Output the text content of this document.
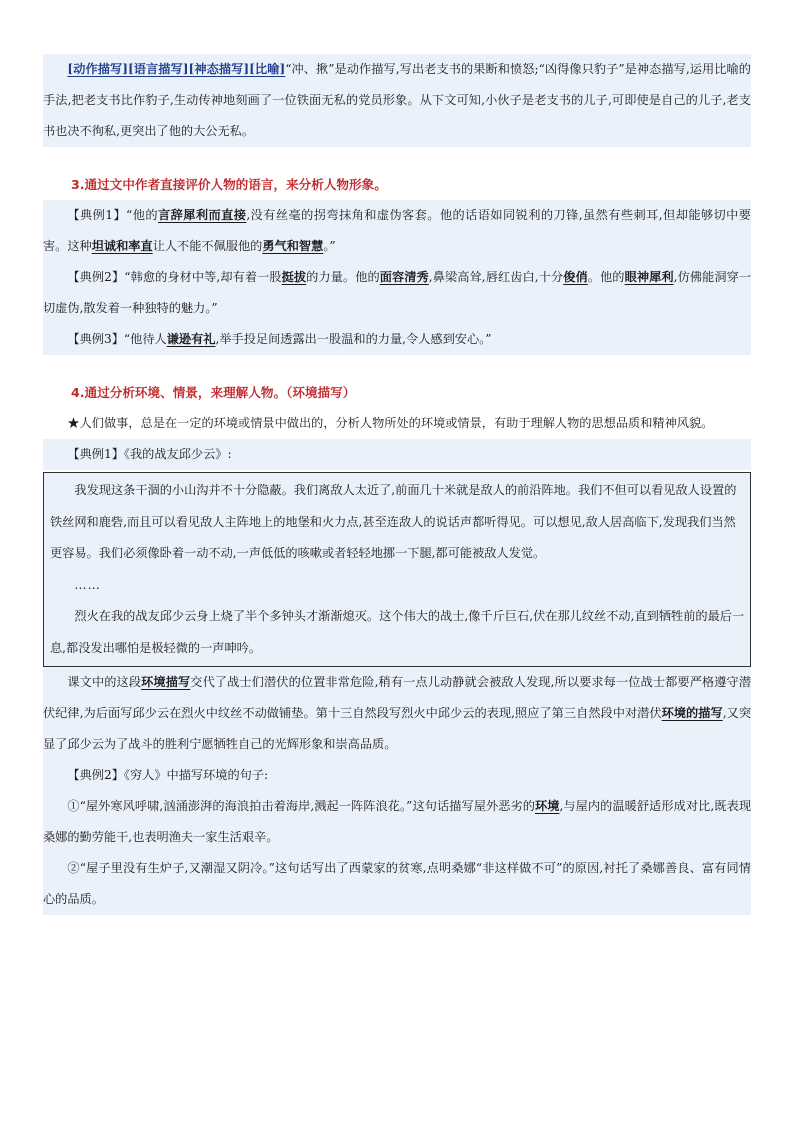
[动作描写][语言描写][神态描写][比喻]“冲、揪”是动作描写,写出老支书的果断和愤怒;“凶得像只豹子”是神态描写,运用比喻的手法,把老支书比作豹子,生动传神地刻画了一位铁面无私的党员形象。从下文可知,小伙子是老支书的儿子,可即使是自己的儿子,老支书也决不徇私,更突出了他的大公无私。

3.通过文中作者直接评价人物的语言，来分析人物形象。

【典例1】“他的言辞犀利而直接,没有丝毫的拐弯抹角和虚伪客套。他的话语如同锐利的刀锋,虽然有些刺耳,但却能够切中要害。这种坦诚和率直让人不能不佩服他的勇气和智慧。”

【典例2】“韩愈的身材中等,却有着一股挺拔的力量。他的面容清秀,鼻梁高耸,唇红齿白,十分俊俏。他的眼神犀利,仿佛能洞穿一切虚伪,散发着一种独特的魅力。”

【典例3】“他待人谦逊有礼,举手投足间透露出一股温和的力量,令人感到安心。”

4.通过分析环境、情景，来理解人物。（环境描写）

★人们做事，总是在一定的环境或情景中做出的，分析人物所处的环境或情景，有助于理解人物的思想品质和精神风貌。

【典例1】《我的战友邱少云》:

我发现这条干涸的小山沟并不十分隐蔽。我们离敌人太近了,前面几十米就是敌人的前沿阵地。我们不但可以看见敌人设置的铁丝网和鹿砦,而且可以看见敌人主阵地上的地堡和火力点,甚至连敌人的说话声都听得见。可以想见,敌人居高临下,发现我们当然更容易。我们必须像卧着一动不动,一声低低的咳嗽或者轻轻地挪一下腿,都可能被敌人发觉。

……

烈火在我的战友邱少云身上烧了半个多钟头才渐渐熄灭。这个伟大的战士,像千斤巨石,伏在那儿纹丝不动,直到牺牲前的最后一息,都没发出哪怕是极轻微的一声呻吟。

课文中的这段环境描写交代了战士们潜伏的位置非常危险,稍有一点儿动静就会被敌人发现,所以要求每一位战士都要严格遵守潜伏纪律,为后面写邱少云在烈火中纹丝不动做铺垫。第十三自然段写烈火中邱少云的表现,照应了第三自然段中对潜伏环境的描写,又突显了邱少云为了战斗的胜利宁愿牺牲自己的光辉形象和崇高品质。

【典例2】《穷人》中描写环境的句子:

①“屋外寒风呼啸,汹涌澎湃的海浪拍击着海岸,溅起一阵阵浪花。”这句话描写屋外恶劣的环境,与屋内的温暖舒适形成对比,既表现桑娜的勤劳能干,也表明渔夫一家生活艰辛。

②“屋子里没有生炉子,又潮湿又阴冷。”这句话写出了西蒙家的贫寒,点明桑娜“非这样做不可”的原因,衬托了桑娜善良、富有同情心的品质。
